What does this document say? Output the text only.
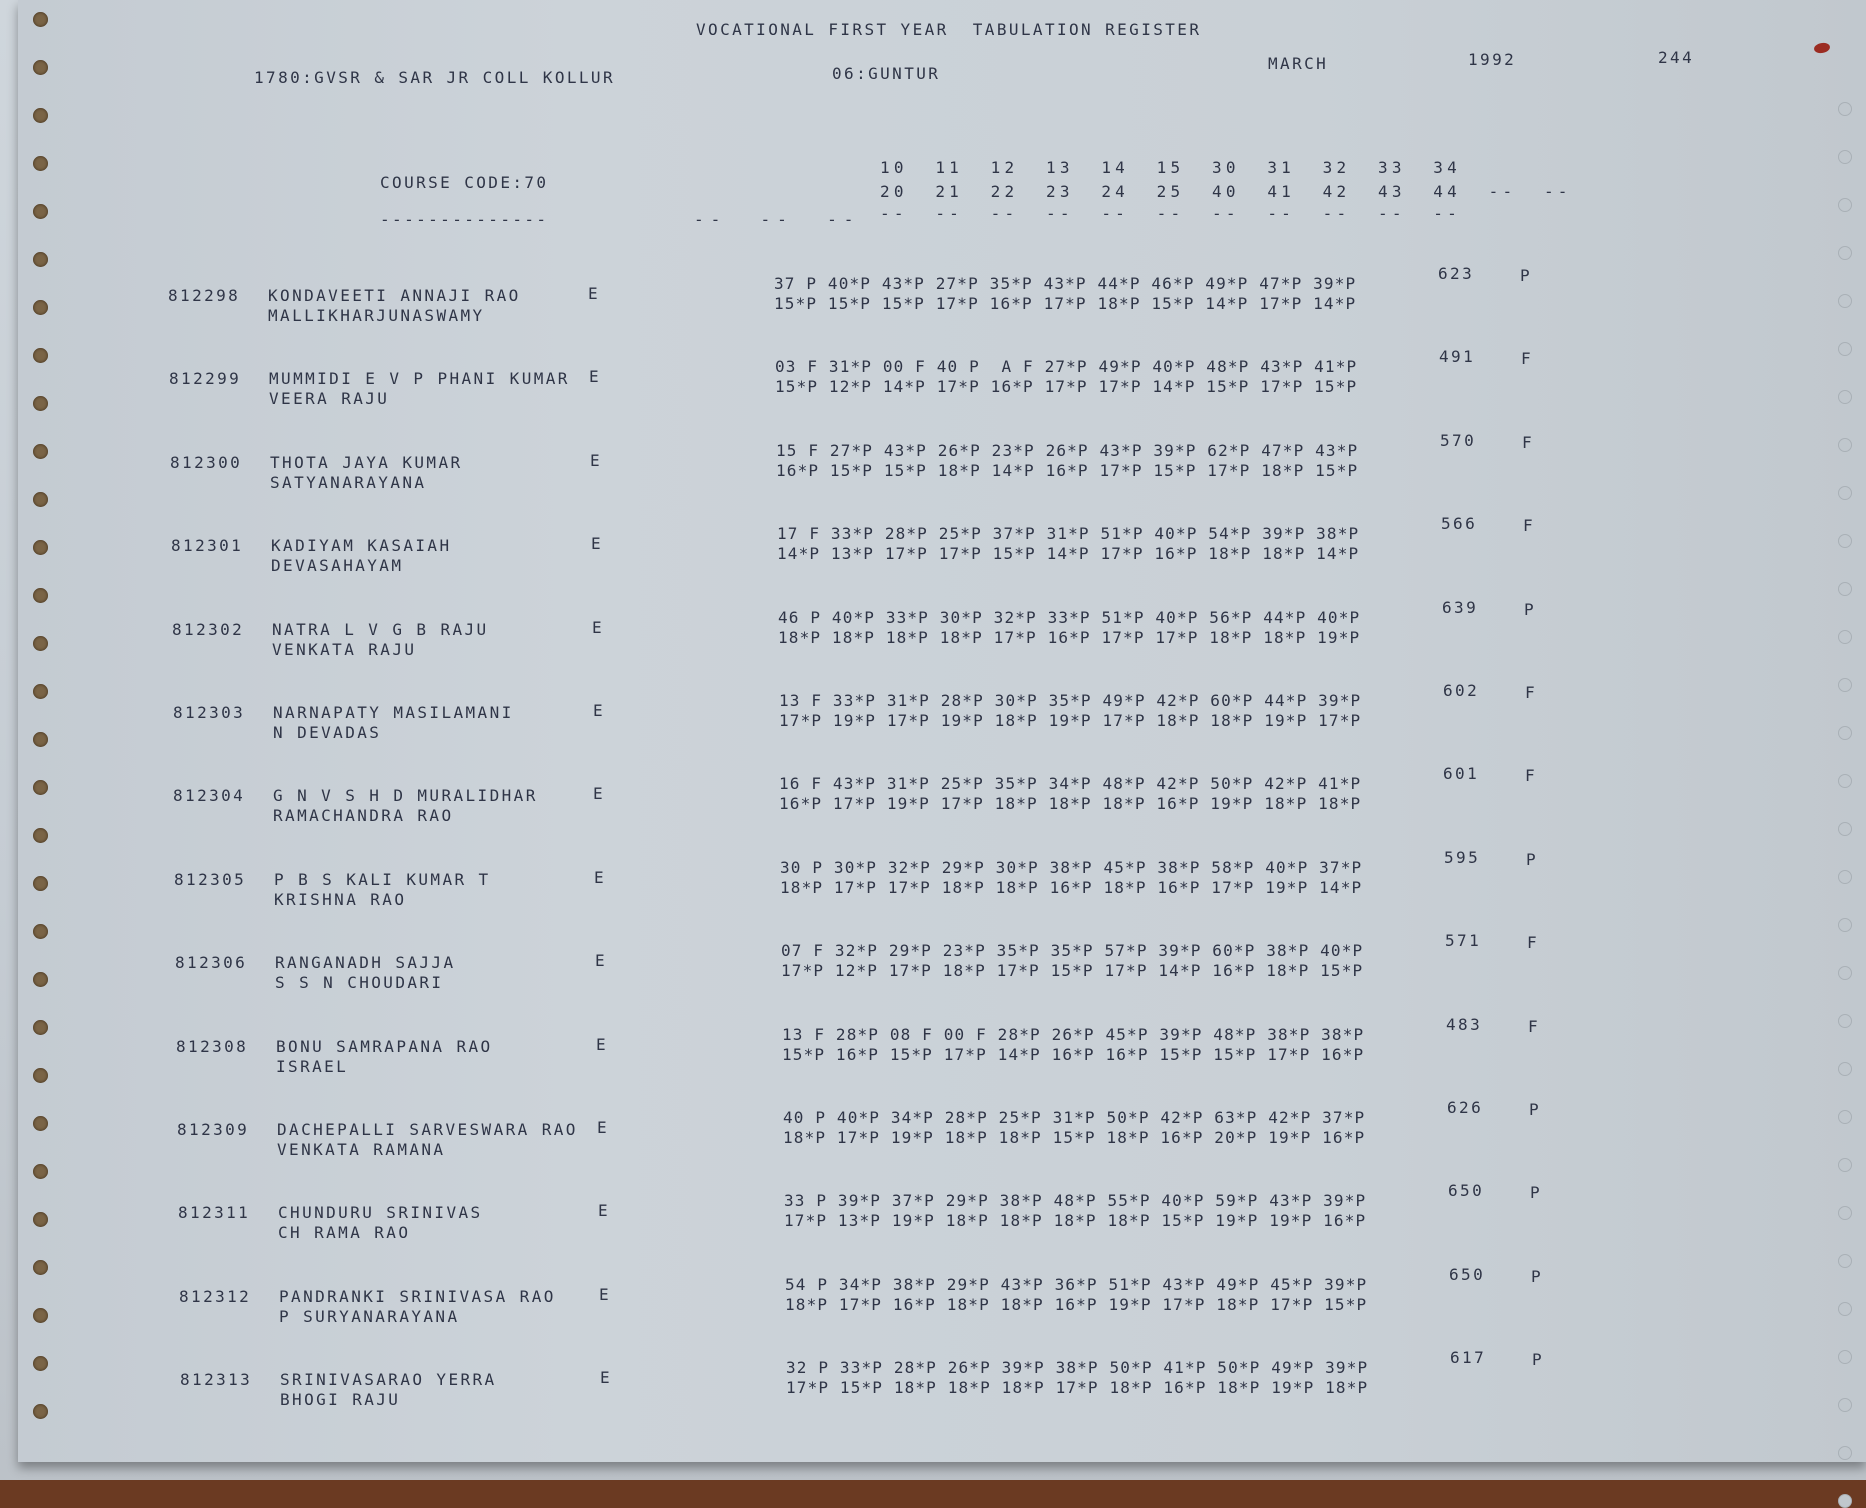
VOCATIONAL FIRST YEAR  TABULATION REGISTER
1780:GVSR & SAR JR COLL KOLLUR	06:GUNTUR
MARCH	1992	244
COURSE CODE:70
--------------	--  --  --
10  11  12  13  14  15  30  31  32  33  34
20  21  22  23  24  25  40  41  42  43  44  --  --
--  --  --  --  --  --  --  --  --  --  --
812298 KONDAVEETI ANNAJI RAO
MALLIKHARJUNASWAMY
E
37 P 40*P 43*P 27*P 35*P 43*P 44*P 46*P 49*P 47*P 39*P
15*P 15*P 15*P 17*P 16*P 17*P 18*P 15*P 14*P 17*P 14*P
623	P
812299 MUMMIDI E V P PHANI KUMAR
VEERA RAJU
E
03 F 31*P 00 F 40 P  A F 27*P 49*P 40*P 48*P 43*P 41*P
15*P 12*P 14*P 17*P 16*P 17*P 17*P 14*P 15*P 17*P 15*P
491	F
812300 THOTA JAYA KUMAR
SATYANARAYANA
E
15 F 27*P 43*P 26*P 23*P 26*P 43*P 39*P 62*P 47*P 43*P
16*P 15*P 15*P 18*P 14*P 16*P 17*P 15*P 17*P 18*P 15*P
570	F
812301 KADIYAM KASAIAH
DEVASAHAYAM
E
17 F 33*P 28*P 25*P 37*P 31*P 51*P 40*P 54*P 39*P 38*P
14*P 13*P 17*P 17*P 15*P 14*P 17*P 16*P 18*P 18*P 14*P
566	F
812302 NATRA L V G B RAJU
VENKATA RAJU
E
46 P 40*P 33*P 30*P 32*P 33*P 51*P 40*P 56*P 44*P 40*P
18*P 18*P 18*P 18*P 17*P 16*P 17*P 17*P 18*P 18*P 19*P
639	P
812303 NARNAPATY MASILAMANI
N DEVADAS
E
13 F 33*P 31*P 28*P 30*P 35*P 49*P 42*P 60*P 44*P 39*P
17*P 19*P 17*P 19*P 18*P 19*P 17*P 18*P 18*P 19*P 17*P
602	F
812304 G N V S H D MURALIDHAR
RAMACHANDRA RAO
E
16 F 43*P 31*P 25*P 35*P 34*P 48*P 42*P 50*P 42*P 41*P
16*P 17*P 19*P 17*P 18*P 18*P 18*P 16*P 19*P 18*P 18*P
601	F
812305 P B S KALI KUMAR T
KRISHNA RAO
E
30 P 30*P 32*P 29*P 30*P 38*P 45*P 38*P 58*P 40*P 37*P
18*P 17*P 17*P 18*P 18*P 16*P 18*P 16*P 17*P 19*P 14*P
595	P
812306 RANGANADH SAJJA
S S N CHOUDARI
E
07 F 32*P 29*P 23*P 35*P 35*P 57*P 39*P 60*P 38*P 40*P
17*P 12*P 17*P 18*P 17*P 15*P 17*P 14*P 16*P 18*P 15*P
571	F
812308 BONU SAMRAPANA RAO
ISRAEL
E
13 F 28*P 08 F 00 F 28*P 26*P 45*P 39*P 48*P 38*P 38*P
15*P 16*P 15*P 17*P 14*P 16*P 16*P 15*P 15*P 17*P 16*P
483	F
812309 DACHEPALLI SARVESWARA RAO
VENKATA RAMANA
E
40 P 40*P 34*P 28*P 25*P 31*P 50*P 42*P 63*P 42*P 37*P
18*P 17*P 19*P 18*P 18*P 15*P 18*P 16*P 20*P 19*P 16*P
626	P
812311 CHUNDURU SRINIVAS
CH RAMA RAO
E
33 P 39*P 37*P 29*P 38*P 48*P 55*P 40*P 59*P 43*P 39*P
17*P 13*P 19*P 18*P 18*P 18*P 18*P 15*P 19*P 19*P 16*P
650	P
812312 PANDRANKI SRINIVASA RAO
P SURYANARAYANA
E
54 P 34*P 38*P 29*P 43*P 36*P 51*P 43*P 49*P 45*P 39*P
18*P 17*P 16*P 18*P 18*P 16*P 19*P 17*P 18*P 17*P 15*P
650	P
812313 SRINIVASARAO YERRA
BHOGI RAJU
E
32 P 33*P 28*P 26*P 39*P 38*P 50*P 41*P 50*P 49*P 39*P
17*P 15*P 18*P 18*P 18*P 17*P 18*P 16*P 18*P 19*P 18*P
617	P
